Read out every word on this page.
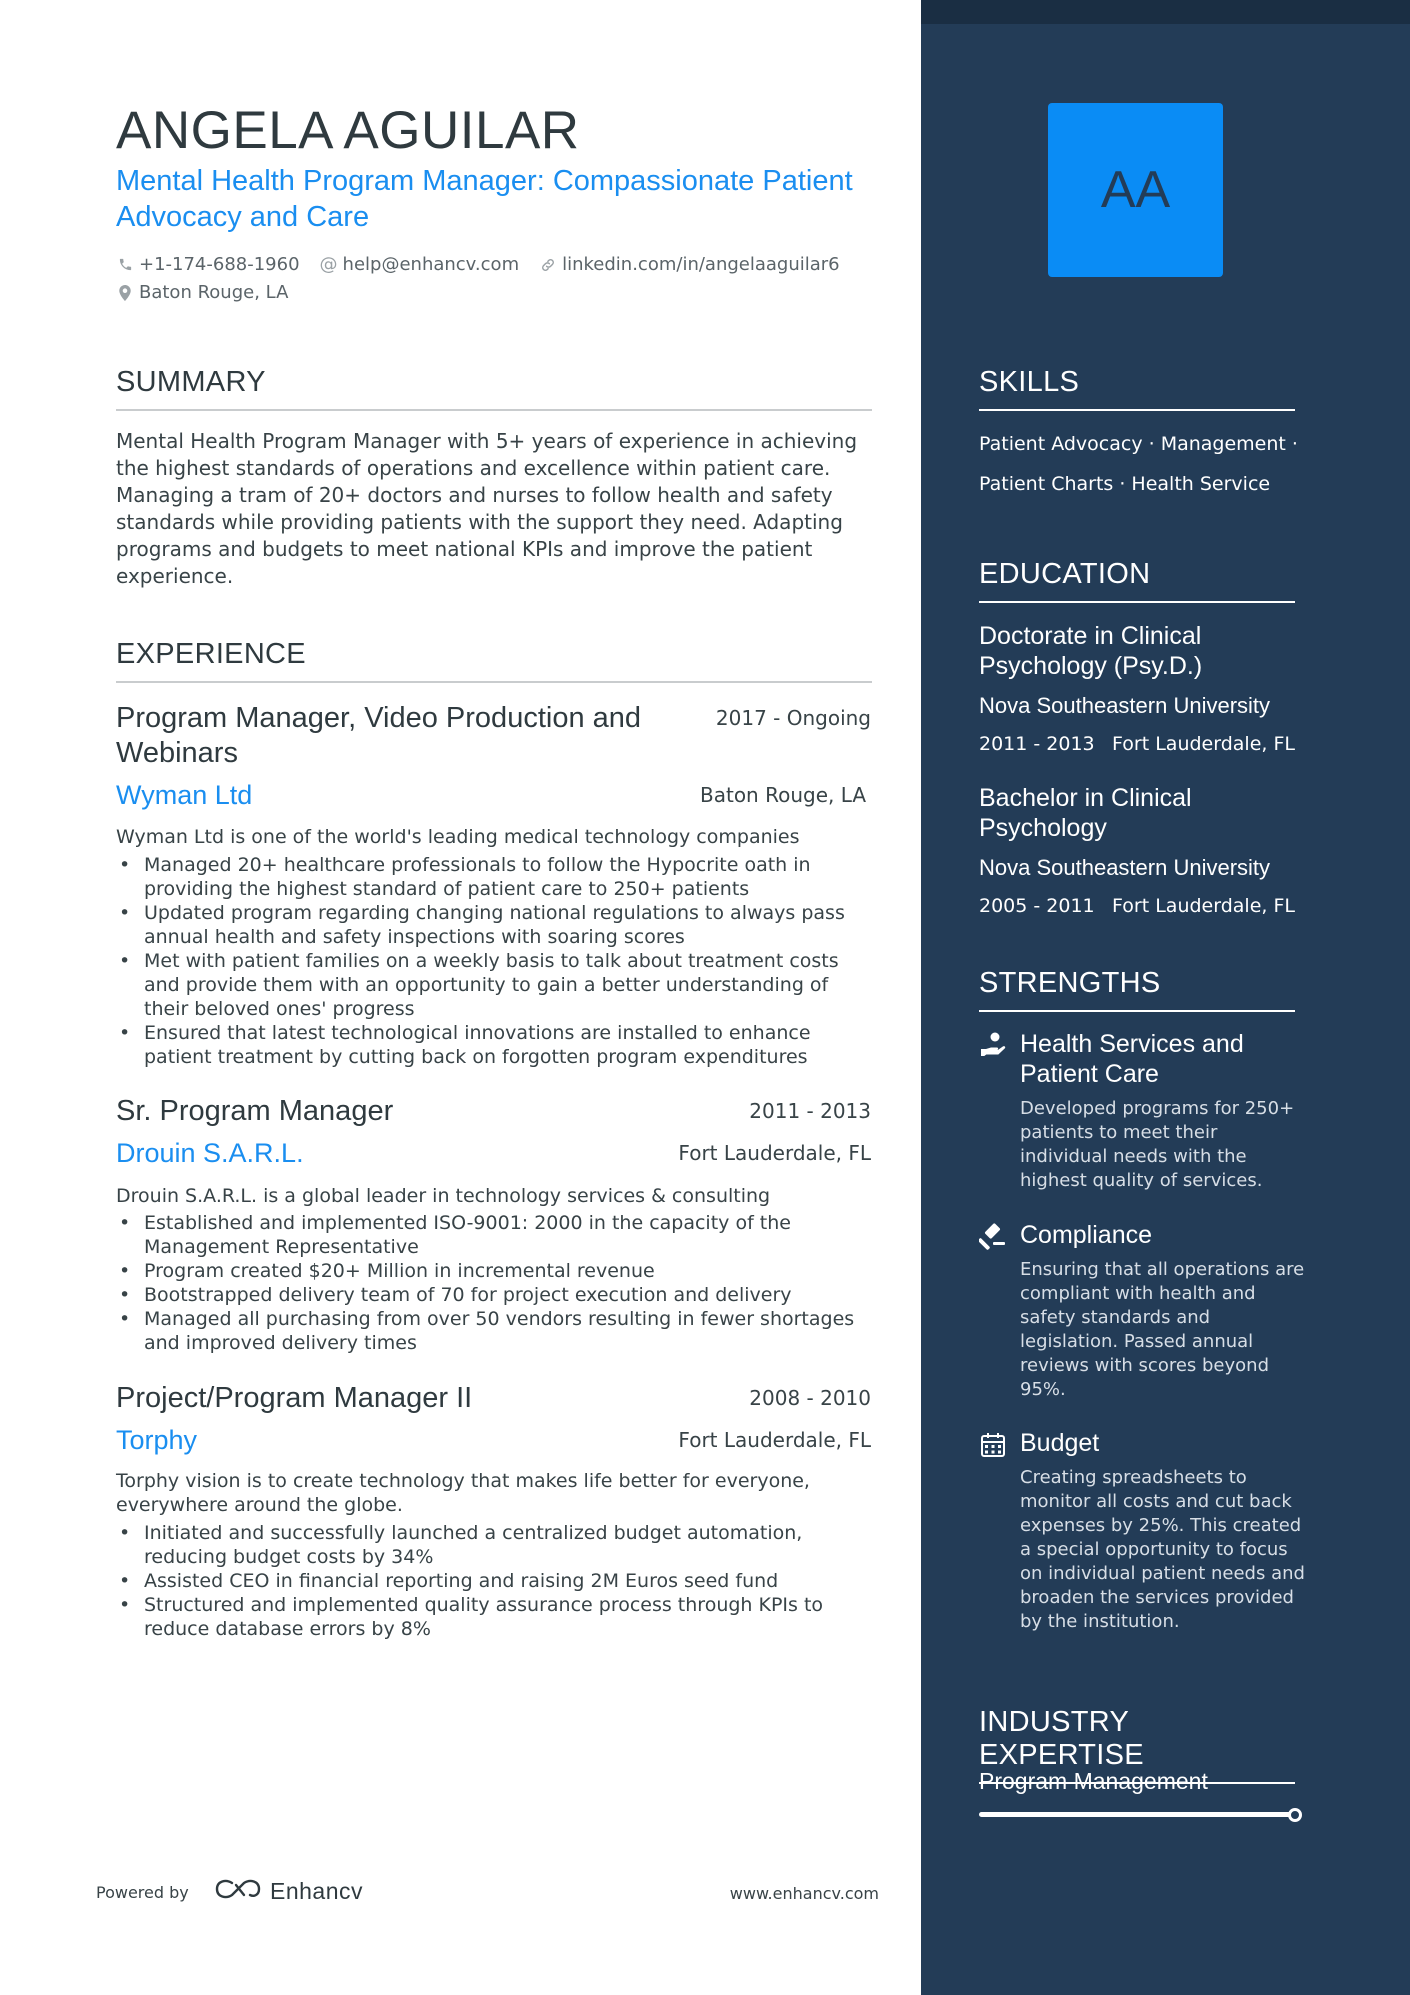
ANGELA AGUILAR
Mental Health Program Manager: Compassionate Patient Advocacy and Care
+1-174-688-1960 @ help@enhancv.com linkedin.com/in/angelaaguilar6
Baton Rouge, LA
SUMMARY
Mental Health Program Manager with 5+ years of experience in achieving the highest standards of operations and excellence within patient care. Managing a tram of 20+ doctors and nurses to follow health and safety standards while providing patients with the support they need. Adapting programs and budgets to meet national KPIs and improve the patient experience.
EXPERIENCE
Program Manager, Video Production and Webinars
2017 - Ongoing
Wyman Ltd	Baton Rouge, LA
Wyman Ltd is one of the world's leading medical technology companies
• Managed 20+ healthcare professionals to follow the Hypocrite oath in providing the highest standard of patient care to 250+ patients
• Updated program regarding changing national regulations to always pass annual health and safety inspections with soaring scores
• Met with patient families on a weekly basis to talk about treatment costs and provide them with an opportunity to gain a better understanding of their beloved ones' progress
• Ensured that latest technological innovations are installed to enhance patient treatment by cutting back on forgotten program expenditures
Sr. Program Manager	2011 - 2013
Drouin S.A.R.L.	Fort Lauderdale, FL
Drouin S.A.R.L. is a global leader in technology services & consulting
• Established and implemented ISO-9001: 2000 in the capacity of the Management Representative
• Program created $20+ Million in incremental revenue
• Bootstrapped delivery team of 70 for project execution and delivery
• Managed all purchasing from over 50 vendors resulting in fewer shortages and improved delivery times
Project/Program Manager II	2008 - 2010
Torphy	Fort Lauderdale, FL
Torphy vision is to create technology that makes life better for everyone, everywhere around the globe.
• Initiated and successfully launched a centralized budget automation, reducing budget costs by 34%
• Assisted CEO in financial reporting and raising 2M Euros seed fund
• Structured and implemented quality assurance process through KPIs to reduce database errors by 8%
Powered by	Enhancv	www.enhancv.com
AA
SKILLS
Patient Advocacy · Management ·
Patient Charts · Health Service
EDUCATION
Doctorate in Clinical Psychology (Psy.D.)
Nova Southeastern University
2011 - 2013 Fort Lauderdale, FL
Bachelor in Clinical Psychology
Nova Southeastern University
2005 - 2011 Fort Lauderdale, FL
STRENGTHS
Health Services and Patient Care
Developed programs for 250+ patients to meet their individual needs with the highest quality of services.
Compliance
Ensuring that all operations are compliant with health and safety standards and legislation. Passed annual reviews with scores beyond 95%.
Budget
Creating spreadsheets to monitor all costs and cut back expenses by 25%. This created a special opportunity to focus on individual patient needs and broaden the services provided by the institution.
INDUSTRY EXPERTISE
Program Management
